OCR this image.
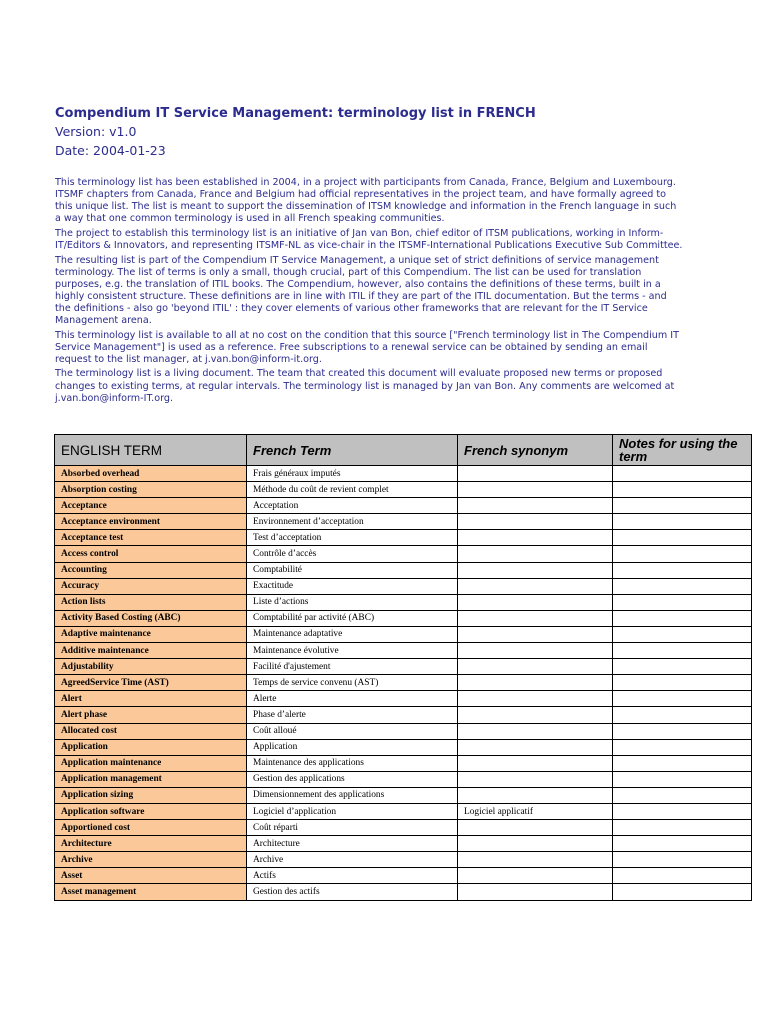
Compendium IT Service Management: terminology list in FRENCH
Version: v1.0
Date: 2004-01-23

This terminology list has been established in 2004, in a project with participants from Canada, France, Belgium and Luxembourg. ITSMF chapters from Canada, France and Belgium had official representatives in the project team, and have formally agreed to this unique list. The list is meant to support the dissemination of ITSM knowledge and information in the French language in such a way that one common terminology is used in all French speaking communities.

The project to establish this terminology list is an initiative of Jan van Bon, chief editor of ITSM publications, working in Inform-IT/Editors & Innovators, and representing ITSMF-NL as vice-chair in the ITSMF-International Publications Executive Sub Committee.

The resulting list is part of the Compendium IT Service Management, a unique set of strict definitions of service management terminology. The list of terms is only a small, though crucial, part of this Compendium. The list can be used for translation purposes, e.g. the translation of ITIL books. The Compendium, however, also contains the definitions of these terms, built in a highly consistent structure. These definitions are in line with ITIL if they are part of the ITIL documentation. But the terms - and the definitions - also go 'beyond ITIL' : they cover elements of various other frameworks that are relevant for the IT Service Management arena.

This terminology list is available to all at no cost on the condition that this source ["French terminology list in The Compendium IT Service Management"] is used as a reference. Free subscriptions to a renewal service can be obtained by sending an email request to the list manager, at j.van.bon@inform-it.org.

The terminology list is a living document. The team that created this document will evaluate proposed new terms or proposed changes to existing terms, at regular intervals. The terminology list is managed by Jan van Bon. Any comments are welcomed at j.van.bon@inform-IT.org.

ENGLISH TERM	French Term	French synonym	Notes for using the term
Absorbed overhead	Frais généraux imputés		
Absorption costing	Méthode du coût de revient complet		
Acceptance	Acceptation		
Acceptance environment	Environnement d’acceptation		
Acceptance test	Test d’acceptation		
Access control	Contrôle d’accès		
Accounting	Comptabilité		
Accuracy	Exactitude		
Action lists	Liste d’actions		
Activity Based Costing (ABC)	Comptabilité par activité (ABC)		
Adaptive maintenance	Maintenance adaptative		
Additive maintenance	Maintenance évolutive		
Adjustability	Facilité d'ajustement		
AgreedService Time (AST)	Temps de service convenu (AST)		
Alert	Alerte		
Alert phase	Phase d’alerte		
Allocated cost	Coût alloué		
Application	Application		
Application maintenance	Maintenance des applications		
Application management	Gestion des applications		
Application sizing	Dimensionnement des applications		
Application software	Logiciel d’application	Logiciel applicatif	
Apportioned cost	Coût réparti		
Architecture	Architecture		
Archive	Archive		
Asset	Actifs		
Asset management	Gestion des actifs		
